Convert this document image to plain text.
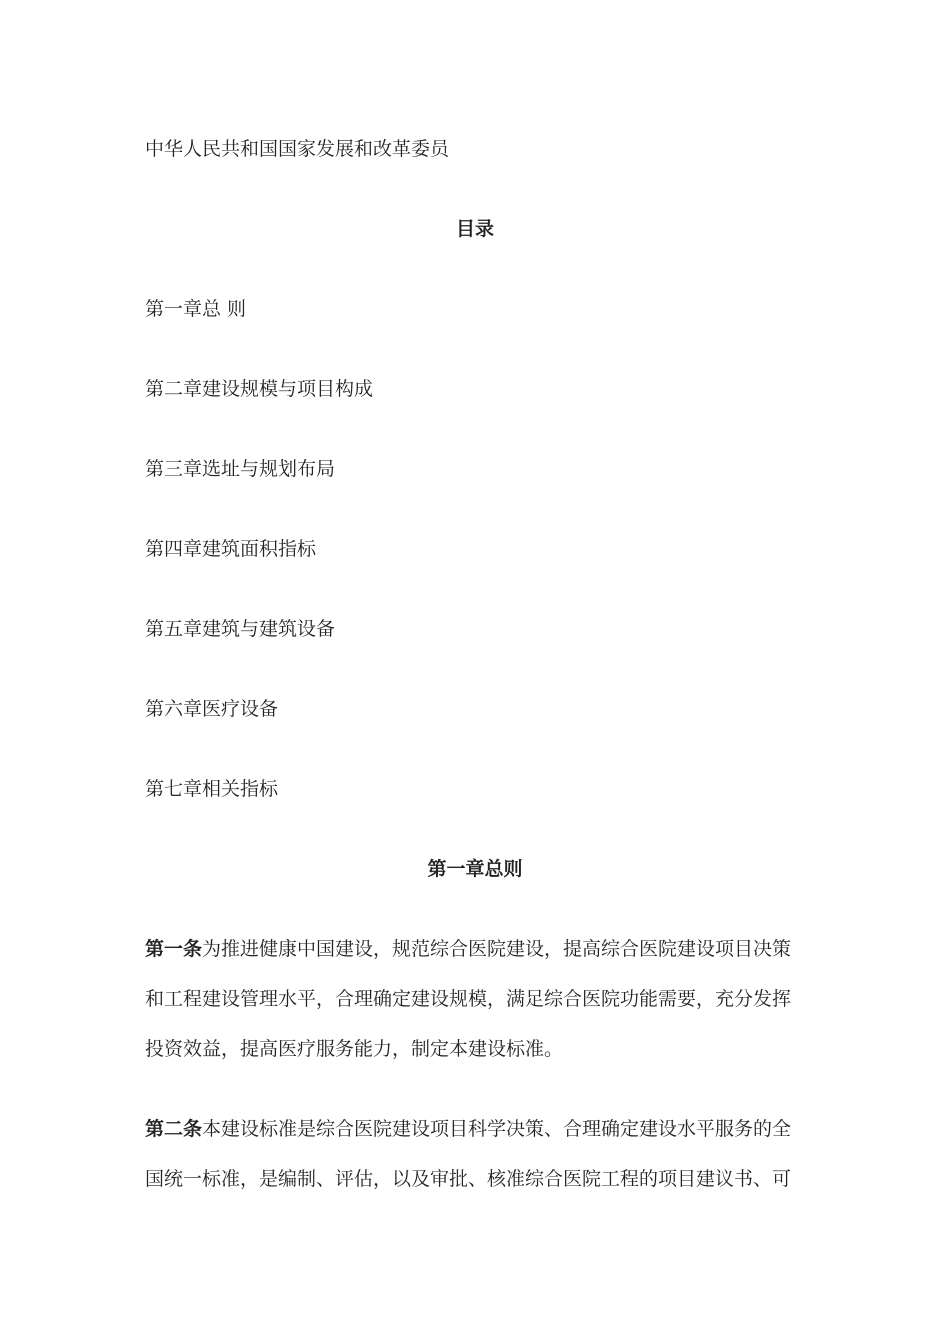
中华人民共和国国家发展和改革委员
目录
第一章总 则
第二章建设规模与项目构成
第三章选址与规划布局
第四章建筑面积指标
第五章建筑与建筑设备
第六章医疗设备
第七章相关指标
第一章总则
第一条为推进健康中国建设，规范综合医院建设，提高综合医院建设项目决策
和工程建设管理水平，合理确定建设规模，满足综合医院功能需要，充分发挥
投资效益，提高医疗服务能力，制定本建设标准。
第二条本建设标准是综合医院建设项目科学决策、合理确定建设水平服务的全
国统一标准，是编制、评估，以及审批、核准综合医院工程的项目建议书、可
